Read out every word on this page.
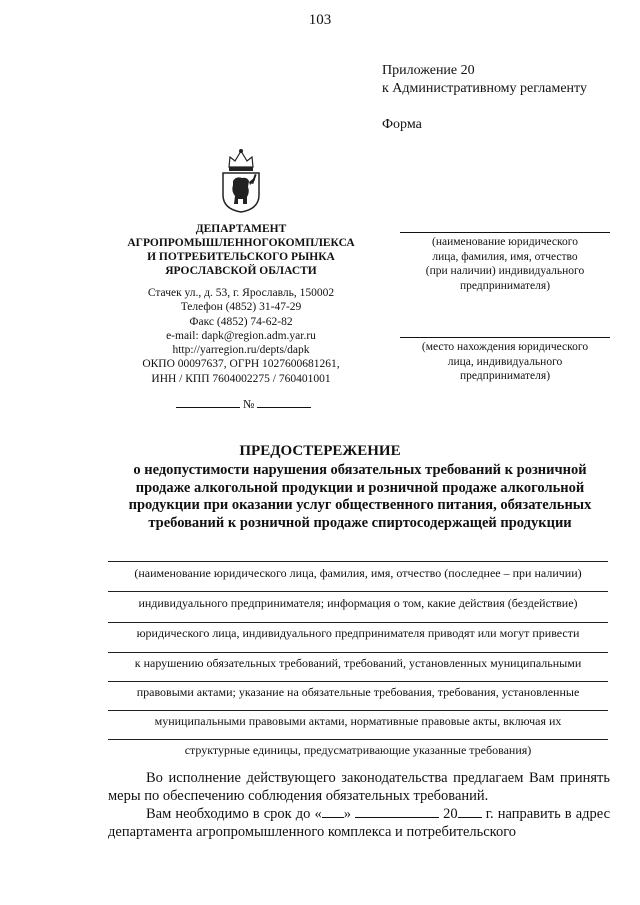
103
Приложение 20
к Административному регламенту
Форма
ДЕПАРТАМЕНТ
АГРОПРОМЫШЛЕННОГОКОМПЛЕКСА
И ПОТРЕБИТЕЛЬСКОГО РЫНКА
ЯРОСЛАВСКОЙ ОБЛАСТИ
Стачек ул., д. 53, г. Ярославль, 150002
Телефон (4852) 31-47-29
Факс (4852) 74-62-82
e-mail: dapk@region.adm.yar.ru
http://yarregion.ru/depts/dapk
ОКПО 00097637, ОГРН 1027600681261,
ИНН / КПП 7604002275 / 760401001
№
(наименование юридического
лица, фамилия, имя, отчество
(при наличии) индивидуального
предпринимателя)
(место нахождения юридического
лица, индивидуального
предпринимателя)
ПРЕДОСТЕРЕЖЕНИЕ
о недопустимости нарушения обязательных требований к розничной
продаже алкогольной продукции и розничной продаже алкогольной
продукции при оказании услуг общественного питания, обязательных
требований к розничной продаже спиртосодержащей продукции
(наименование юридического лица, фамилия, имя, отчество (последнее – при наличии)
индивидуального предпринимателя; информация о том, какие действия (бездействие)
юридического лица, индивидуального предпринимателя приводят или могут привести
к нарушению обязательных требований, требований, установленных муниципальными
правовыми актами; указание на обязательные требования, требования, установленные
муниципальными правовыми актами, нормативные правовые акты, включая их
структурные единицы, предусматривающие указанные требования)

Во исполнение действующего законодательства предлагаем Вам принять меры по обеспечению соблюдения обязательных требований.

Вам необходимо в срок до « »	20 г. направить в адрес департамента агропромышленного комплекса и потребительского
